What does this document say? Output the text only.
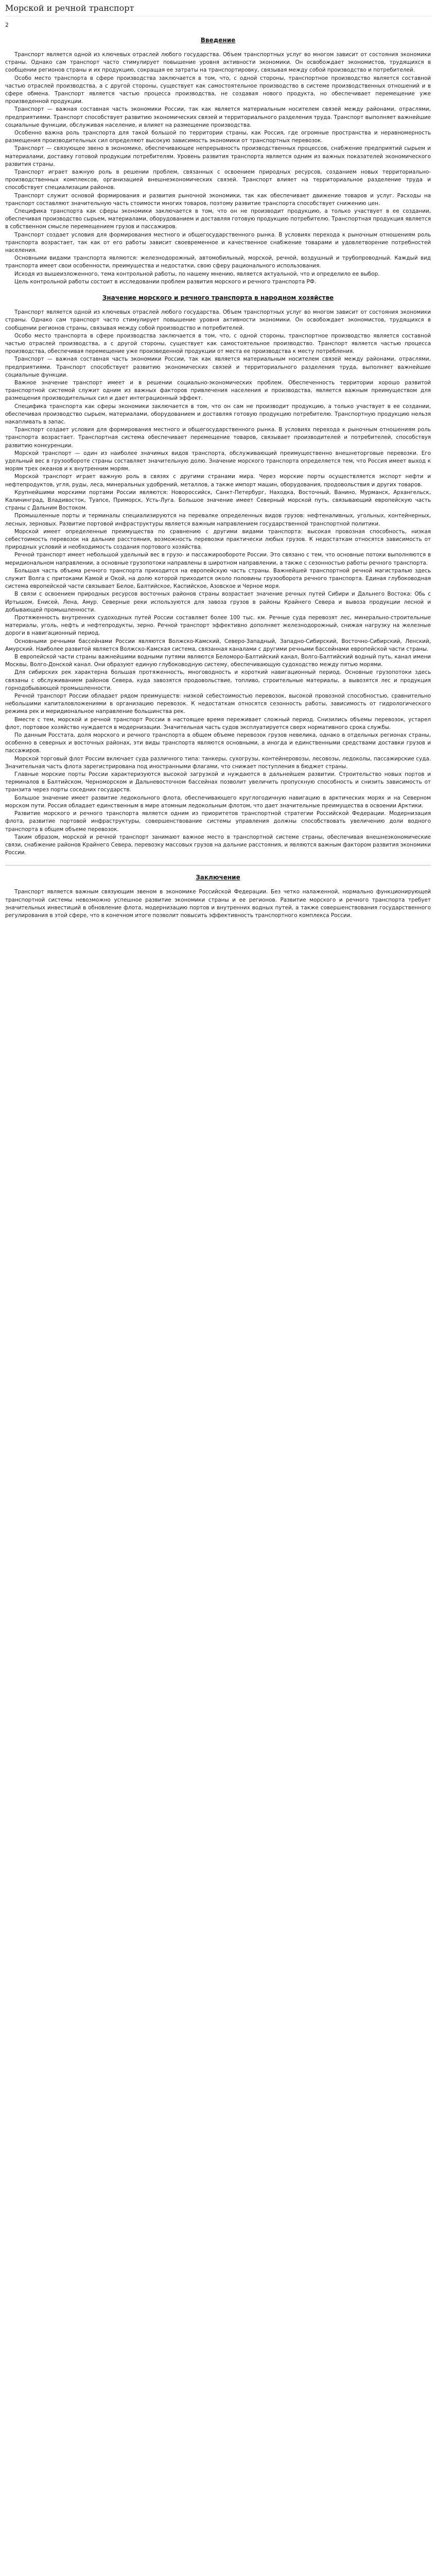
Морской и речной транспорт
2
Введение

Транспорт является одной из ключевых отраслей любого государства. Объем транспортных услуг во многом зависит от состояния экономики страны. Однако сам транспорт часто стимулирует повышение уровня активности экономики. Он освобождает экономистов, трудящихся в сообщении регионов страны и их продукцию, сокращая ее затраты на транспортировку, связывая между собой производство и потребителей.

Особо место транспорта в сфере производства заключается в том, что, с одной стороны, транспортное производство является составной частью отраслей производства, а с другой стороны, существует как самостоятельное производство в системе производственных отношений и в сфере обмена. Транспорт является частью процесса производства, не создавая нового продукта, но обеспечивает перемещение уже произведенной продукции.

Транспорт — важная составная часть экономики России, так как является материальным носителем связей между районами, отраслями, предприятиями. Транспорт способствует развитию экономических связей и территориального разделения труда. Транспорт выполняет важнейшие социальные функции, обслуживая население, и влияет на размещение производства.

Особенно важна роль транспорта для такой большой по территории страны, как Россия, где огромные пространства и неравномерность размещения производительных сил определяют высокую зависимость экономики от транспортных перевозок.

Транспорт — связующее звено в экономике, обеспечивающее непрерывность производственных процессов, снабжение предприятий сырьем и материалами, доставку готовой продукции потребителям. Уровень развития транспорта является одним из важных показателей экономического развития страны.

Транспорт играет важную роль в решении проблем, связанных с освоением природных ресурсов, созданием новых территориально-производственных комплексов, организацией внешнеэкономических связей. Транспорт влияет на территориальное разделение труда и способствует специализации районов.

Транспорт служит основой формирования и развития рыночной экономики, так как обеспечивает движение товаров и услуг. Расходы на транспорт составляют значительную часть стоимости многих товаров, поэтому развитие транспорта способствует снижению цен.

Специфика транспорта как сферы экономики заключается в том, что он не производит продукцию, а только участвует в ее создании, обеспечивая производство сырьем, материалами, оборудованием и доставляя готовую продукцию потребителю. Транспортная продукция является в собственном смысле перемещением грузов и пассажиров.

Транспорт создает условия для формирования местного и общегосударственного рынка. В условиях перехода к рыночным отношениям роль транспорта возрастает, так как от его работы зависит своевременное и качественное снабжение товарами и удовлетворение потребностей населения.

Основными видами транспорта являются: железнодорожный, автомобильный, морской, речной, воздушный и трубопроводный. Каждый вид транспорта имеет свои особенности, преимущества и недостатки, свою сферу рационального использования.

Исходя из вышеизложенного, тема контрольной работы, по нашему мнению, является актуальной, что и определило ее выбор.

Цель контрольной работы состоит в исследовании проблем развития морского и речного транспорта РФ.

Значение морского и речного транспорта в народном хозяйстве

Транспорт является одной из ключевых отраслей любого государства. Объем транспортных услуг во многом зависит от состояния экономики страны. Однако сам транспорт часто стимулирует повышение уровня активности экономики. Он освобождает экономистов, трудящихся в сообщении регионов страны, связывая между собой производство и потребителей.

Особо место транспорта в сфере производства заключается в том, что, с одной стороны, транспортное производство является составной частью отраслей производства, а с другой стороны, существует как самостоятельное производство. Транспорт является частью процесса производства, обеспечивая перемещение уже произведенной продукции от места ее производства к месту потребления.

Транспорт — важная составная часть экономики России, так как является материальным носителем связей между районами, отраслями, предприятиями. Транспорт способствует развитию экономических связей и территориального разделения труда, выполняет важнейшие социальные функции.

Важное значение транспорт имеет и в решении социально-экономических проблем. Обеспеченность территории хорошо развитой транспортной системой служит одним из важных факторов привлечения населения и производства, является важным преимуществом для размещения производительных сил и дает интеграционный эффект.

Специфика транспорта как сферы экономики заключается в том, что он сам не производит продукцию, а только участвует в ее создании, обеспечивая производство сырьем, материалами, оборудованием и доставляя готовую продукцию потребителю. Транспортную продукцию нельзя накапливать в запас.

Транспорт создает условия для формирования местного и общегосударственного рынка. В условиях перехода к рыночным отношениям роль транспорта возрастает. Транспортная система обеспечивает перемещение товаров, связывает производителей и потребителей, способствуя развитию конкуренции.

Морской транспорт — один из наиболее значимых видов транспорта, обслуживающий преимущественно внешнеторговые перевозки. Его удельный вес в грузообороте страны составляет значительную долю. Значение морского транспорта определяется тем, что Россия имеет выход к морям трех океанов и к внутренним морям.

Морской транспорт играет важную роль в связях с другими странами мира. Через морские порты осуществляется экспорт нефти и нефтепродуктов, угля, руды, леса, минеральных удобрений, металлов, а также импорт машин, оборудования, продовольствия и других товаров.

Крупнейшими морскими портами России являются: Новороссийск, Санкт-Петербург, Находка, Восточный, Ванино, Мурманск, Архангельск, Калининград, Владивосток, Туапсе, Приморск, Усть-Луга. Большое значение имеет Северный морской путь, связывающий европейскую часть страны с Дальним Востоком.

Промышленные порты и терминалы специализируются на перевалке определенных видов грузов: нефтеналивных, угольных, контейнерных, лесных, зерновых. Развитие портовой инфраструктуры является важным направлением государственной транспортной политики.

Морской имеет определенные преимущества по сравнению с другими видами транспорта: высокая провозная способность, низкая себестоимость перевозок на дальние расстояния, возможность перевозки практически любых грузов. К недостаткам относятся зависимость от природных условий и необходимость создания портового хозяйства.

Речной транспорт имеет небольшой удельный вес в грузо- и пассажирообороте России. Это связано с тем, что основные потоки выполняются в меридиональном направлении, а основные грузопотоки направлены в широтном направлении, а также с сезонностью работы речного транспорта.

Большая часть объема речного транспорта приходится на европейскую часть страны. Важнейшей транспортной речной магистралью здесь служит Волга с притоками Камой и Окой, на долю которой приходится около половины грузооборота речного транспорта. Единая глубоководная система европейской части связывает Белое, Балтийское, Каспийское, Азовское и Черное моря.

В связи с освоением природных ресурсов восточных районов страны возрастает значение речных путей Сибири и Дальнего Востока: Обь с Иртышом, Енисей, Лена, Амур. Северные реки используются для завоза грузов в районы Крайнего Севера и вывоза продукции лесной и добывающей промышленности.

Протяженность внутренних судоходных путей России составляет более 100 тыс. км. Речные суда перевозят лес, минерально-строительные материалы, уголь, нефть и нефтепродукты, зерно. Речной транспорт эффективно дополняет железнодорожный, снижая нагрузку на железные дороги в навигационный период.

Основными речными бассейнами России являются Волжско-Камский, Северо-Западный, Западно-Сибирский, Восточно-Сибирский, Ленский, Амурский. Наиболее развитой является Волжско-Камская система, связанная каналами с другими речными бассейнами европейской части страны.

В европейской части страны важнейшими водными путями являются Беломоро-Балтийский канал, Волго-Балтийский водный путь, канал имени Москвы, Волго-Донской канал. Они образуют единую глубоководную систему, обеспечивающую судоходство между пятью морями.

Для сибирских рек характерна большая протяженность, многоводность и короткий навигационный период. Основные грузопотоки здесь связаны с обслуживанием районов Севера, куда завозятся продовольствие, топливо, строительные материалы, а вывозятся лес и продукция горнодобывающей промышленности.

Речной транспорт России обладает рядом преимуществ: низкой себестоимостью перевозок, высокой провозной способностью, сравнительно небольшими капиталовложениями в организацию перевозок. К недостаткам относятся сезонность работы, зависимость от гидрологического режима рек и меридиональное направление большинства рек.

Вместе с тем, морской и речной транспорт России в настоящее время переживает сложный период. Снизились объемы перевозок, устарел флот, портовое хозяйство нуждается в модернизации. Значительная часть судов эксплуатируется сверх нормативного срока службы.

По данным Росстата, доля морского и речного транспорта в общем объеме перевозок грузов невелика, однако в отдельных регионах страны, особенно в северных и восточных районах, эти виды транспорта являются основными, а иногда и единственными средствами доставки грузов и пассажиров.

Морской торговый флот России включает суда различного типа: танкеры, сухогрузы, контейнеровозы, лесовозы, ледоколы, пассажирские суда. Значительная часть флота зарегистрирована под иностранными флагами, что снижает поступления в бюджет страны.

Главные морские порты России характеризуются высокой загрузкой и нуждаются в дальнейшем развитии. Строительство новых портов и терминалов в Балтийском, Черноморском и Дальневосточном бассейнах позволит увеличить пропускную способность и снизить зависимость от транзита через порты соседних государств.

Большое значение имеет развитие ледокольного флота, обеспечивающего круглогодичную навигацию в арктических морях и на Северном морском пути. Россия обладает единственным в мире атомным ледокольным флотом, что дает значительные преимущества в освоении Арктики.

Развитие морского и речного транспорта является одним из приоритетов транспортной стратегии Российской Федерации. Модернизация флота, развитие портовой инфраструктуры, совершенствование системы управления должны способствовать увеличению доли водного транспорта в общем объеме перевозок.

Таким образом, морской и речной транспорт занимают важное место в транспортной системе страны, обеспечивая внешнеэкономические связи, снабжение районов Крайнего Севера, перевозку массовых грузов на дальние расстояния, и являются важным фактором развития экономики России.

Заключение

Транспорт является важным связующим звеном в экономике Российской Федерации. Без четко налаженной, нормально функционирующей транспортной системы невозможно успешное развитие экономики страны и ее регионов. Развитие морского и речного транспорта требует значительных инвестиций в обновление флота, модернизацию портов и внутренних водных путей, а также совершенствования государственного регулирования в этой сфере, что в конечном итоге позволит повысить эффективность транспортного комплекса России.
